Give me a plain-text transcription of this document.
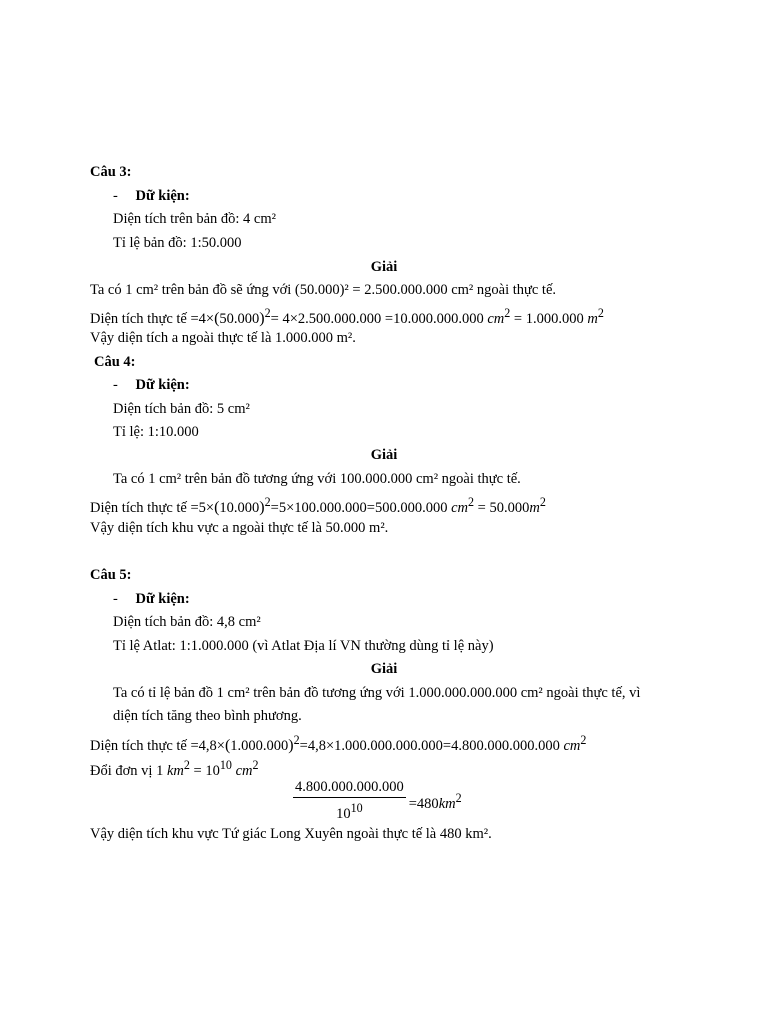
Câu 3:
- Dữ kiện:
Diện tích trên bản đồ: 4 cm²
Tỉ lệ bản đồ: 1:50.000
Giải
Ta có 1 cm² trên bản đồ sẽ ứng với (50.000)² = 2.500.000.000 cm² ngoài thực tế.
Diện tích thực tế $=4\times(50.000)^2= 4\times 2.500.000.000 =10.000.000.000$ $cm^2 = 1.000.000$ $m^2$
Vậy diện tích a ngoài thực tế là 1.000.000 m².
Câu 4:
- Dữ kiện:
Diện tích bản đồ: 5 cm²
Tỉ lệ: 1:10.000
Giải
Ta có 1 cm² trên bản đồ tương ứng với 100.000.000 cm² ngoài thực tế.
Diện tích thực tế $=5\times(10.000)^2=5\times 100.000.000=500.000.000$ $cm^2 = 50.000m^2$
Vậy diện tích khu vực a ngoài thực tế là 50.000 m².
Câu 5:
- Dữ kiện:
Diện tích bản đồ: 4,8 cm²
Tỉ lệ Atlat: 1:1.000.000 (vì Atlat Địa lí VN thường dùng tỉ lệ này)
Giải
Ta có tỉ lệ bản đồ 1 cm² trên bản đồ tương ứng với 1.000.000.000.000 cm² ngoài thực tế, vì
diện tích tăng theo bình phương.
Diện tích thực tế $=4,8\times(1.000.000)^2=4,8\times 1.000.000.000.000=4.800.000.000.000$ $cm^2$
Đổi đơn vị 1 $km^2 = 10^{10}$ $cm^2$
$\frac{4.800.000.000.000}{10^{10}} =480km^2$
Vậy diện tích khu vực Tứ giác Long Xuyên ngoài thực tế là 480 km².
